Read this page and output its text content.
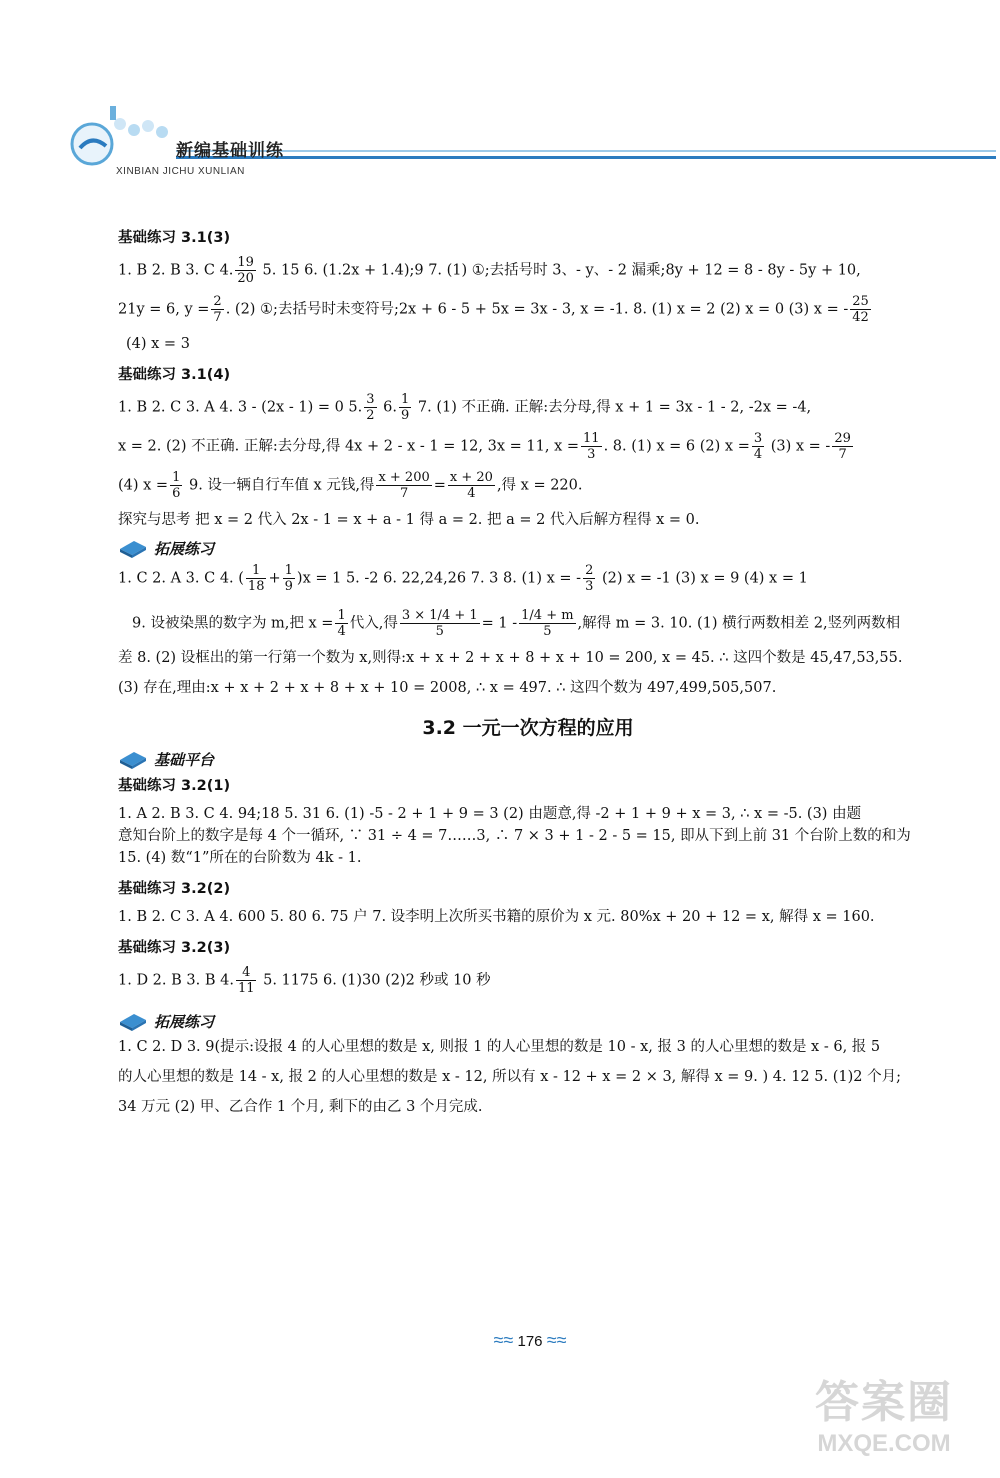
新编基础训练
XINBIAN JICHU XUNLIAN

基础练习 3.1(3)

1. B 2. B 3. C 4. $\frac{19}{20} 5$. 15 6. (1.2x + 1.4);9 7. (1) ①;去括号时 3、- y、- 2 漏乘;8y + 12 = 8 - 8y - 5y + 10,

21y = 6, $y = \frac{2}{7}$ . (2) ①;去括号时未变符号;2x + 6 - 5 + 5x = 3x - 3, x = -1. 8. (1) x = 2 (2) x = 0 (3) x = - $\frac{25}{42}$

(4) x = 3

基础练习 3.1(4)

1. B 2. C 3. A 4. 3 - (2x - 1) = 0 5. $\frac{3}{2} 6$. $\frac{1}{9} 7$. (1) 不正确. 正解:去分母,得 x + 1 = 3x - 1 - 2, -2x = -4,

x = 2. (2) 不正确. 正解:去分母,得 4x + 2 - x - 1 = 12, 3x = 11, $x = \frac{11}{3}$ . 8. (1) x = 6 (2) $x = \frac{3}{4} (3) x$ = - $\frac{29}{7}$

(4) $x = \frac{1}{6} 9$. 设一辆自行车值 x 元钱,得 $\frac{x + 200}{7} = \frac{x + 20}{4}$ ,得 x = 220.

探究与思考 把 x = 2 代入 2x - 1 = x + a - 1 得 a = 2. 把 a = 2 代入后解方程得 x = 0.

拓展练习

1. C 2. A 3. C 4. ( $\frac{1}{18} + \frac{1}{9} )x = 1$ 5. -2 6. 22,24,26 7. 3 8. (1) x = - $\frac{2}{3} (2) x = -1$ (3) x = 9 (4) x = 1

9. 设被染黑的数字为 m,把 $x = \frac{1}{4}$ 代入,得 $\frac{3 \times 1/4 + 1}{5} = 1 - \frac{1/4 + m}{5}$ ,解得 m = 3. 10. (1) 横行两数相差 2,竖列两数相

差 8. (2) 设框出的第一行第一个数为 x,则得:x + x + 2 + x + 8 + x + 10 = 200, x = 45. ∴ 这四个数是 45,47,53,55.

(3) 存在,理由:x + x + 2 + x + 8 + x + 10 = 2008, ∴ x = 497. ∴ 这四个数为 497,499,505,507.

3.2 一元一次方程的应用
基础平台

基础练习 3.2(1)

1. A 2. B 3. C 4. 94;18 5. 31 6. (1) -5 - 2 + 1 + 9 = 3 (2) 由题意,得 -2 + 1 + 9 + x = 3, ∴ x = -5. (3) 由题

意知台阶上的数字是每 4 个一循环, ∵ 31 ÷ 4 = 7……3, ∴ 7 × 3 + 1 - 2 - 5 = 15, 即从下到上前 31 个台阶上数的和为

15. (4) 数“1”所在的台阶数为 4k - 1.

基础练习 3.2(2)

1. B 2. C 3. A 4. 600 5. 80 6. 75 户 7. 设李明上次所买书籍的原价为 x 元. 80%x + 20 + 12 = x, 解得 x = 160.

基础练习 3.2(3)

1. D 2. B 3. B 4. $\frac{4}{11} 5$. 1175 6. (1)30 (2)2 秒或 10 秒

拓展练习

1. C 2. D 3. 9(提示:设报 4 的人心里想的数是 x, 则报 1 的人心里想的数是 10 - x, 报 3 的人心里想的数是 x - 6, 报 5

的人心里想的数是 14 - x, 报 2 的人心里想的数是 x - 12, 所以有 x - 12 + x = 2 × 3, 解得 x = 9. ) 4. 12 5. (1)2 个月;

34 万元 (2) 甲、乙合作 1 个月, 剩下的由乙 3 个月完成.

≈≈ 176 ≈≈
答案圈
MXQE.COM
